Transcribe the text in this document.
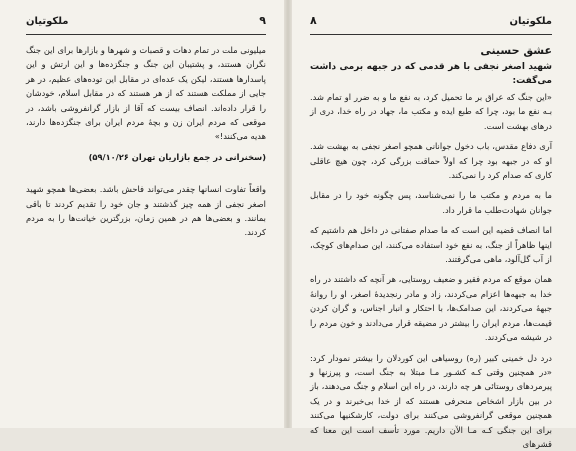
ملکوتیان	۹

میلیونی ملت در تمام دهات و قصبات و شهرها و بازارها برای این جنگ نگران هستند، و پشتیبان این جنگ و جنگزده‌ها و این ارتش و این پاسدارها هستند، لیکن یک عده‌ای در مقابل این توده‌های عظیم، در هر جایی از مملکت هستند که از هر هستند که در مقابل اسلام، خودشان را قرار داده‌اند. انصاف بیست که آقا از بازار گرانفروشی باشد، در موقعی که مردم ایران زن و بچهٔ مردم ایران برای جنگزده‌ها دارند، هدیه می‌کنند!»

(سخنرانی در جمع بازاریان تهران ۵۹/۱۰/۲۶)

واقعاً تفاوت انسانها چقدر می‌تواند فاحش باشد. بعضی‌ها همچو شهید اصغر نجفی از همه چیز گذشتند و جان خود را تقدیم کردند تا باقی بمانند. و بعضی‌ها هم در همین زمان، بزرگترین خیانت‌ها را به مردم کردند.

ملکوتیان
۸
عشق حسینی
شهید اصغر نجفی با هر قدمی که در جبهه برمی داشت می‌گفت:

«این جنگ که عراق بر ما تحمیل کرد، به نفع ما و به ضرر او تمام شد. بـه نفع ما بود، چرا که طبع ایده و مکتب ما، جهاد در راه خدا، دری از درهای بهشت است.

آری دفاع مقدس، باب دخول جوانانی همچو اصغر نجفی به بهشت شد. او که در جبهه بود چرا که اولاً حماقت بزرگی کرد، چون هیچ عاقلی کاری که صدام کرد را نمی‌کند.

ما به مردم و مکتب ما را نمی‌شناسد، پس چگونه خود را در مقابل جوانان شهادت‌طلب ما قرار داد.

اما انصاف قضیه این است که ما صدام صفتانی در داخل هم داشتیم که اینها ظاهراً از جنگ، به نفع خود استفاده می‌کنند، این صدام‌های کوچک، از آب گل‌آلود، ماهی می‌گرفتند.

همان موقع که مردم فقیر و ضعیف روستایی، هر آنچه که داشتند در راه خدا به جبهه‌ها اعزام می‌کردند، زاد و مادر رنجدیدهٔ اصغر، او را روانهٔ جبههٔ می‌کردند، این صدامک‌ها، با احتکار و انبار اجناس، و گران کردن قیمت‌ها، مردم ایران را بیشتر در مضیقه قرار می‌دادند و خون مردم را در شیشه می‌کردند.

درد دل خمینی کبیر (ره) روسیاهی این کوردلان را بیشتر نمودار کرد: «در همچنین وقتی کـه کشـور مـا مبتلا به جنگ است، و پیرزنها و پیرمردهای روستائی هر چه دارند، در راه این اسلام و جنگ می‌دهند، باز در بین بازار اشخاص منحرفی هستند که از خدا بی‌خبرند و در یک همچنین موقعی گرانفروشی می‌کنند برای دولت، کارشکنیها می‌کنند برای این جنگی کـه مـا الآن داریم. مورد تأسف است این معنا که قشرهای
